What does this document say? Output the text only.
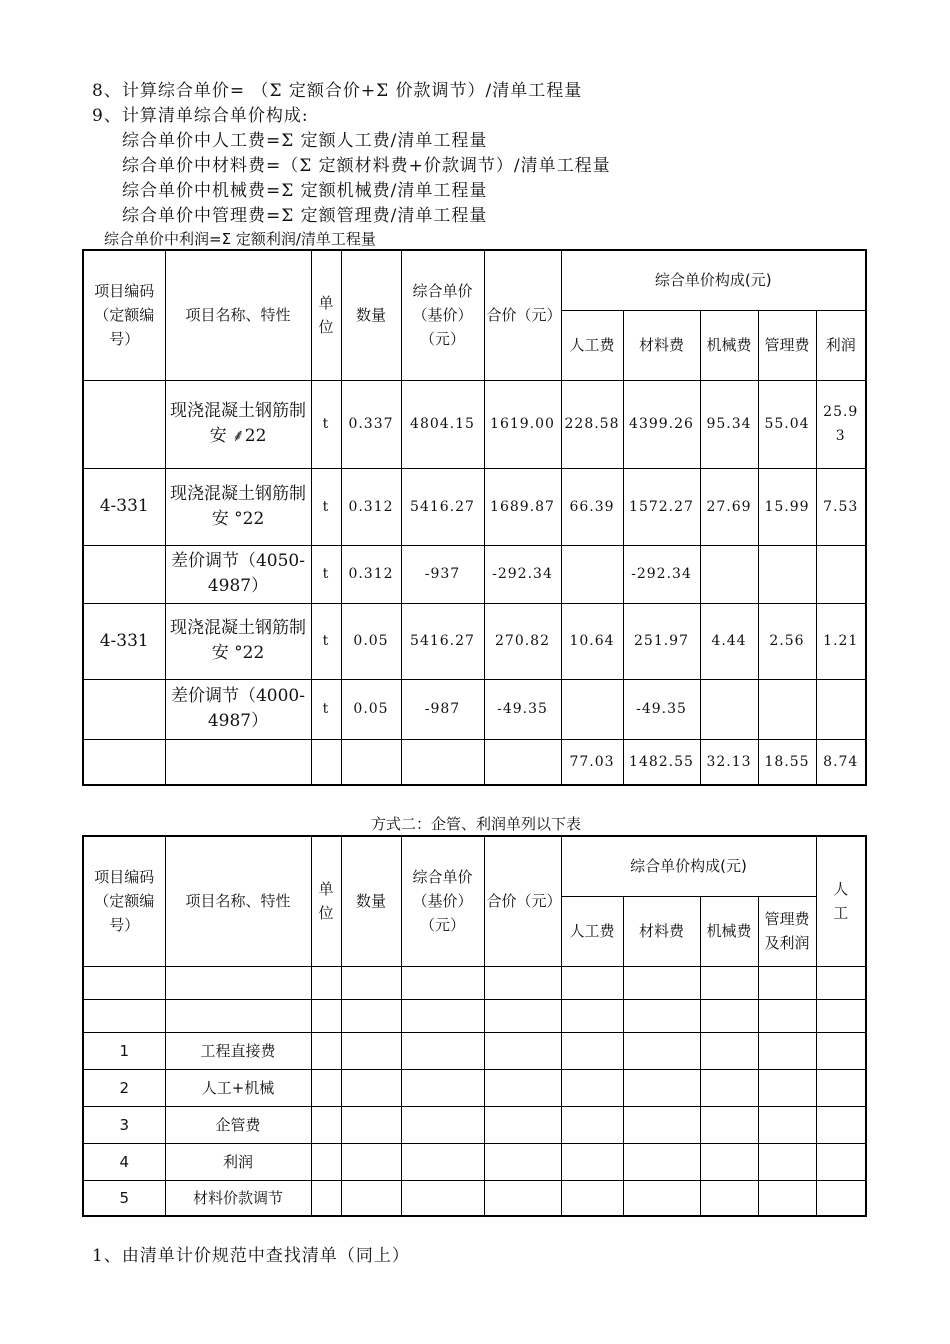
8、计算综合单价= （Σ 定额合价+Σ 价款调节）/清单工程量
9、计算清单综合单价构成:
综合单价中人工费=Σ 定额人工费/清单工程量
综合单价中材料费=（Σ 定额材料费+价款调节）/清单工程量
综合单价中机械费=Σ 定额机械费/清单工程量
综合单价中管理费=Σ 定额管理费/清单工程量
综合单价中利润=Σ 定额利润/清单工程量
项目编码（定额编号）	项目名称、特性	单位	数量	综合单价（基价）（元）	合价（元）	综合单价构成(元)				
						人工费	材料费	机械费	管理费	利润
	现浇混凝土钢筋制安 ⸙22	t	0.337	4804.15	1619.00	228.58	4399.26	95.34	55.04	25.93
4-331	现浇混凝土钢筋制安 °22	t	0.312	5416.27	1689.87	66.39	1572.27	27.69	15.99	7.53
	差价调节（4050-4987）	t	0.312	-937	-292.34		-292.34			
4-331	现浇混凝土钢筋制安 °22	t	0.05	5416.27	270.82	10.64	251.97	4.44	2.56	1.21
	差价调节（4000-4987）	t	0.05	-987	-49.35		-49.35			
						77.03	1482.55	32.13	18.55	8.74
方式二：企管、利润单列以下表
项目编码（定额编号）	项目名称、特性	单位	数量	综合单价（基价）（元）	合价（元）	综合单价构成(元)				人工
						人工费	材料费	机械费	管理费及利润	

1	工程直接费									
2	人工+机械									
3	企管费									
4	利润									
5	材料价款调节									
1、由清单计价规范中查找清单（同上）
